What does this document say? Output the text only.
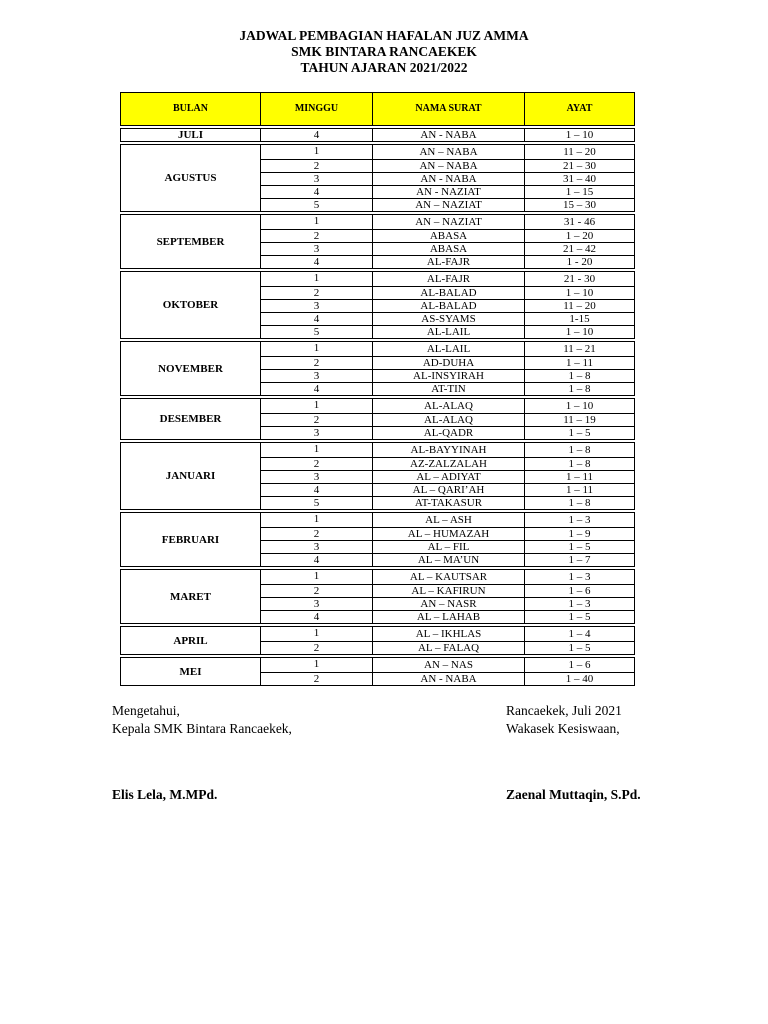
JADWAL PEMBAGIAN HAFALAN JUZ AMMA
SMK BINTARA RANCAEKEK
TAHUN AJARAN 2021/2022
BULAN	MINGGU	NAMA SURAT	AYAT

JULI	4	AN - NABA	1 – 10

AGUSTUS	1	AN – NABA	11 – 20
	2	AN – NABA	21 – 30
	3	AN - NABA	31 – 40
	4	AN - NAZIAT	1 – 15
	5	AN – NAZIAT	15 – 30

SEPTEMBER	1	AN – NAZIAT	31 - 46
	2	ABASA	1 – 20
	3	ABASA	21 – 42
	4	AL-FAJR	1 - 20

OKTOBER	1	AL-FAJR	21 - 30
	2	AL-BALAD	1 – 10
	3	AL-BALAD	11 – 20
	4	AS-SYAMS	1-15
	5	AL-LAIL	1 – 10

NOVEMBER	1	AL-LAIL	11 – 21
	2	AD-DUHA	1 – 11
	3	AL-INSYIRAH	1 – 8
	4	AT-TIN	1 – 8

DESEMBER	1	AL-ALAQ	1 – 10
	2	AL-ALAQ	11 – 19
	3	AL-QADR	1 – 5

JANUARI	1	AL-BAYYINAH	1 – 8
	2	AZ-ZALZALAH	1 – 8
	3	AL – ADIYAT	1 – 11
	4	AL – QARI’AH	1 – 11
	5	AT-TAKASUR	1 – 8

FEBRUARI	1	AL – ASH	1 – 3
	2	AL – HUMAZAH	1 – 9
	3	AL – FIL	1 – 5
	4	AL – MA’UN	1 – 7

MARET	1	AL – KAUTSAR	1 – 3
	2	AL – KAFIRUN	1 – 6
	3	AN – NASR	1 – 3
	4	AL – LAHAB	1 – 5

APRIL	1	AL – IKHLAS	1 – 4
	2	AL – FALAQ	1 – 5

MEI	1	AN – NAS	1 – 6
	2	AN - NABA	1 – 40
Mengetahui,
Kepala SMK Bintara Rancaekek,
Elis Lela, M.MPd.
Rancaekek, Juli 2021
Wakasek Kesiswaan,
Zaenal Muttaqin, S.Pd.
